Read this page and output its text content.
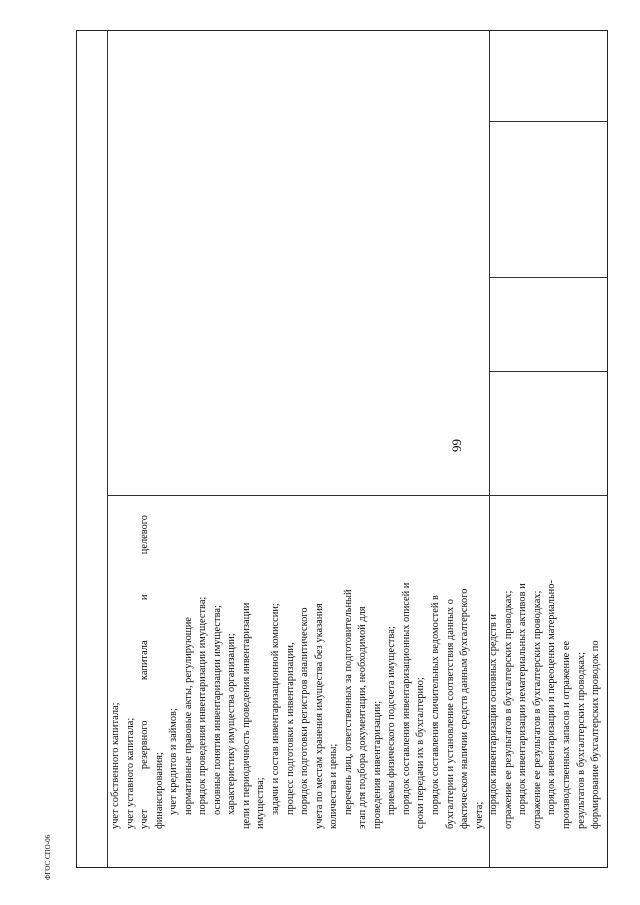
99
учет собственного капитала; учет уставного капитала; учет
резервного
капитала
и
целевого
финансирования; учет кредитов и займов; нормативные правовые акты, регулирующие порядок проведения инвентаризации имущества; основные понятия инвентаризации имущества; характеристику имущества организации; цели и периодичность проведения инвентаризации имущества; задачи и состав инвентаризационной комиссии; процесс подготовки к инвентаризации, порядок подготовки регистров аналитического учета по местам хранения имущества без указания количества и цены; перечень лиц, ответственных за подготовительный этап для подбора документации, необходимой для проведения инвентаризации; приемы физического подсчета имущества; порядок составления инвентаризационных описей и сроки передачи их в бухгалтерию; порядок составления сличительных ведомостей в бухгалтерии и установление соответствия данных о фактическом наличии средств данным бухгалтерского учета;
порядок инвентаризации основных средств и отражение ее результатов в бухгалтерских проводках; порядок инвентаризации нематериальных активов и отражение ее результатов в бухгалтерских проводках; порядок инвентаризации и переоценки материально- производственных запасов и отражение ее результатов в бухгалтерских проводках; формирование бухгалтерских проводок по
ФГОС СПО-06
